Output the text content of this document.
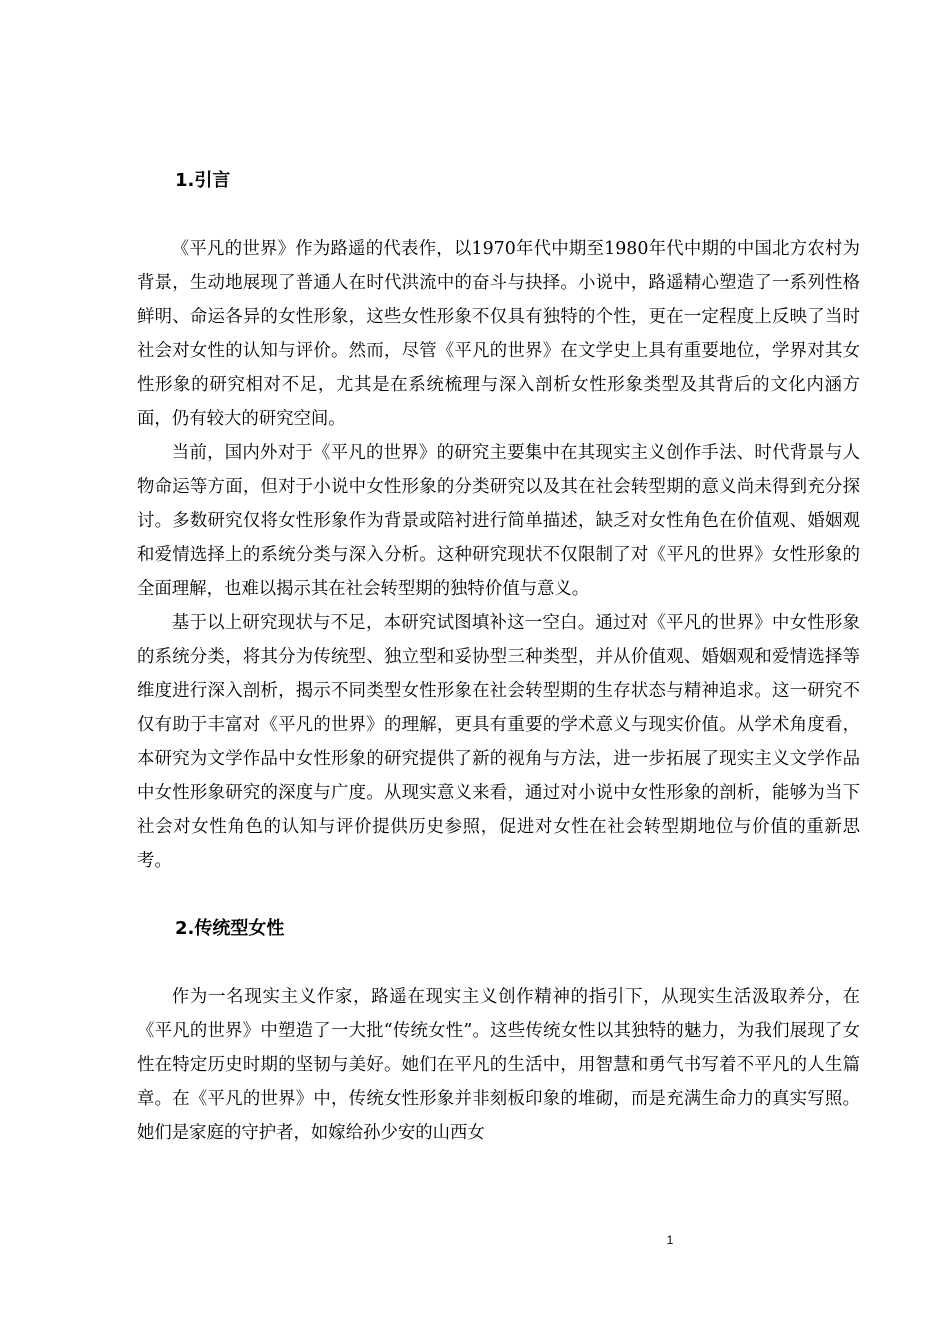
1.引言

《平凡的世界》作为路遥的代表作，以1970年代中期至1980年代中期的中国北方农村为背景，生动地展现了普通人在时代洪流中的奋斗与抉择。小说中，路遥精心塑造了一系列性格鲜明、命运各异的女性形象，这些女性形象不仅具有独特的个性，更在一定程度上反映了当时社会对女性的认知与评价。然而，尽管《平凡的世界》在文学史上具有重要地位，学界对其女性形象的研究相对不足，尤其是在系统梳理与深入剖析女性形象类型及其背后的文化内涵方面，仍有较大的研究空间。

当前，国内外对于《平凡的世界》的研究主要集中在其现实主义创作手法、时代背景与人物命运等方面，但对于小说中女性形象的分类研究以及其在社会转型期的意义尚未得到充分探讨。多数研究仅将女性形象作为背景或陪衬进行简单描述，缺乏对女性角色在价值观、婚姻观和爱情选择上的系统分类与深入分析。这种研究现状不仅限制了对《平凡的世界》女性形象的全面理解，也难以揭示其在社会转型期的独特价值与意义。

基于以上研究现状与不足，本研究试图填补这一空白。通过对《平凡的世界》中女性形象的系统分类，将其分为传统型、独立型和妥协型三种类型，并从价值观、婚姻观和爱情选择等维度进行深入剖析，揭示不同类型女性形象在社会转型期的生存状态与精神追求。这一研究不仅有助于丰富对《平凡的世界》的理解，更具有重要的学术意义与现实价值。从学术角度看，本研究为文学作品中女性形象的研究提供了新的视角与方法，进一步拓展了现实主义文学作品中女性形象研究的深度与广度。从现实意义来看，通过对小说中女性形象的剖析，能够为当下社会对女性角色的认知与评价提供历史参照，促进对女性在社会转型期地位与价值的重新思考。

2.传统型女性

作为一名现实主义作家，路遥在现实主义创作精神的指引下，从现实生活汲取养分，在《平凡的世界》中塑造了一大批“传统女性”。这些传统女性以其独特的魅力，为我们展现了女性在特定历史时期的坚韧与美好。她们在平凡的生活中，用智慧和勇气书写着不平凡的人生篇章。在《平凡的世界》中，传统女性形象并非刻板印象的堆砌，而是充满生命力的真实写照。她们是家庭的守护者，如嫁给孙少安的山西女

1
